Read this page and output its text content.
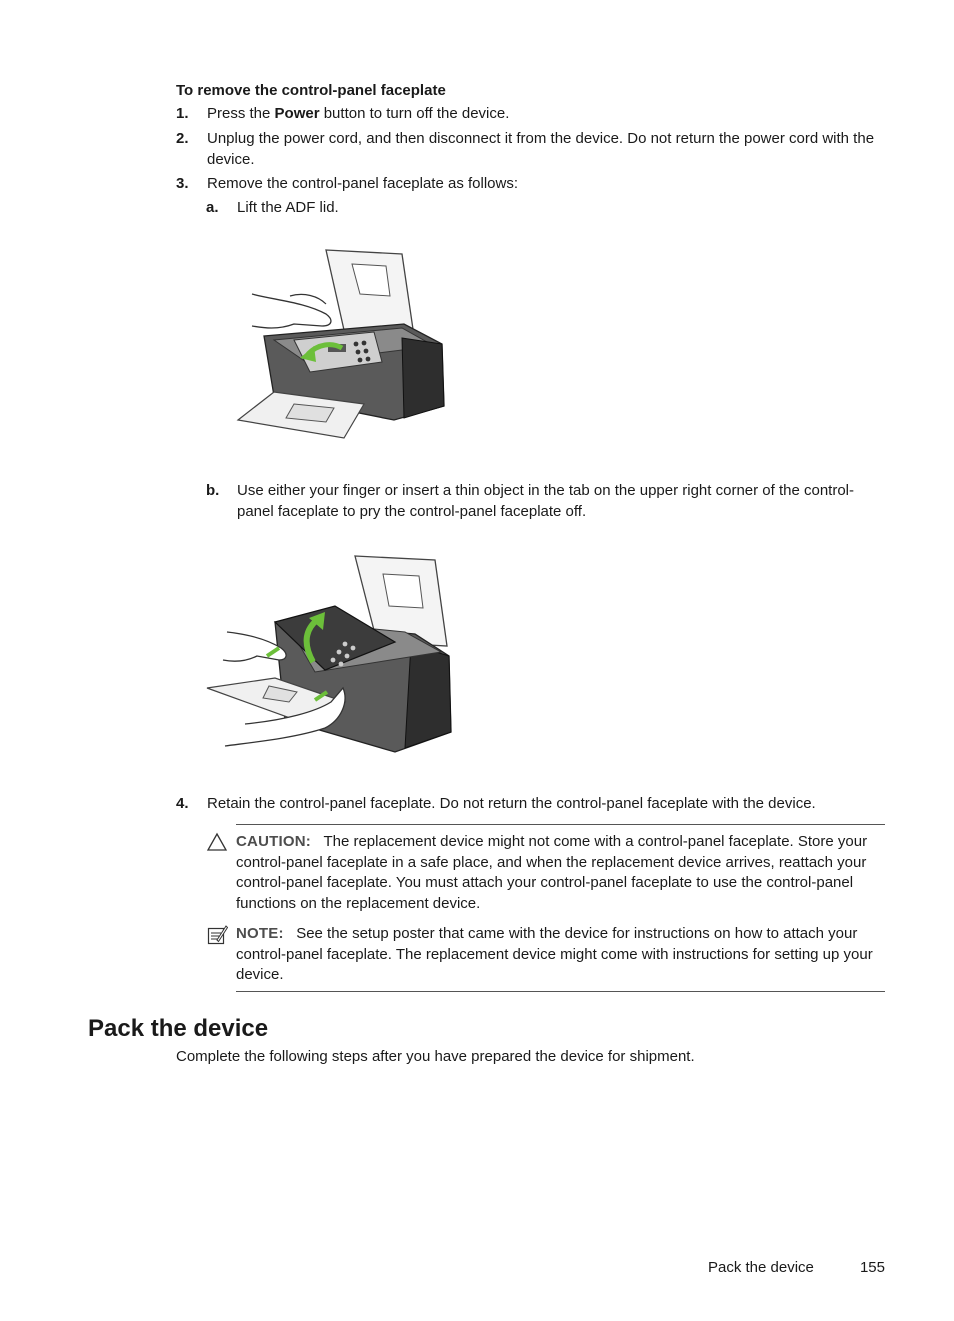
To remove the control-panel faceplate
1. Press the Power button to turn off the device.
2. Unplug the power cord, and then disconnect it from the device. Do not return the power cord with the device.
3. Remove the control-panel faceplate as follows:
a. Lift the ADF lid.
b. Use either your finger or insert a thin object in the tab on the upper right corner of the control-panel faceplate to pry the control-panel faceplate off.
4. Retain the control-panel faceplate. Do not return the control-panel faceplate with the device.
CAUTION: The replacement device might not come with a control-panel faceplate. Store your control-panel faceplate in a safe place, and when the replacement device arrives, reattach your control-panel faceplate. You must attach your control-panel faceplate to use the control-panel functions on the replacement device.
NOTE: See the setup poster that came with the device for instructions on how to attach your control-panel faceplate. The replacement device might come with instructions for setting up your device.
Pack the device
Complete the following steps after you have prepared the device for shipment.
Pack the device	155
